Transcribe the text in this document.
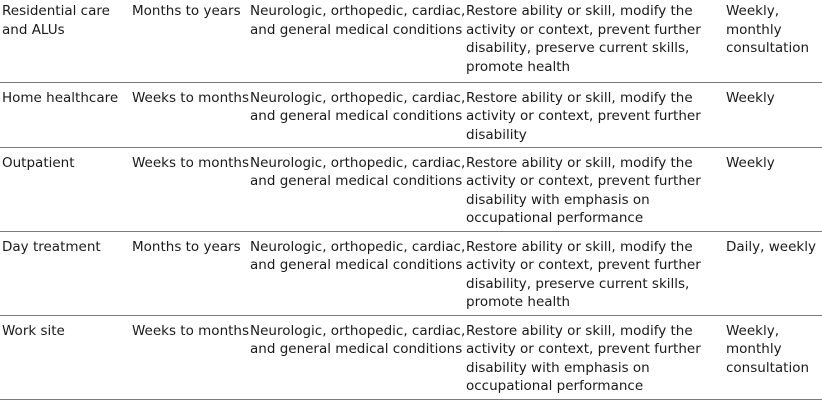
Residential care and ALUs	Months to years	Neurologic, orthopedic, cardiac, and general medical conditions	Restore ability or skill, modify the activity or context, prevent further disability, preserve current skills, promote health	Weekly, monthly consultation
Home healthcare	Weeks to months	Neurologic, orthopedic, cardiac, and general medical conditions	Restore ability or skill, modify the activity or context, prevent further disability	Weekly
Outpatient	Weeks to months	Neurologic, orthopedic, cardiac, and general medical conditions	Restore ability or skill, modify the activity or context, prevent further disability with emphasis on occupational performance	Weekly
Day treatment	Months to years	Neurologic, orthopedic, cardiac, and general medical conditions	Restore ability or skill, modify the activity or context, prevent further disability, preserve current skills, promote health	Daily, weekly
Work site	Weeks to months	Neurologic, orthopedic, cardiac, and general medical conditions	Restore ability or skill, modify the activity or context, prevent further disability with emphasis on occupational performance	Weekly, monthly consultation
